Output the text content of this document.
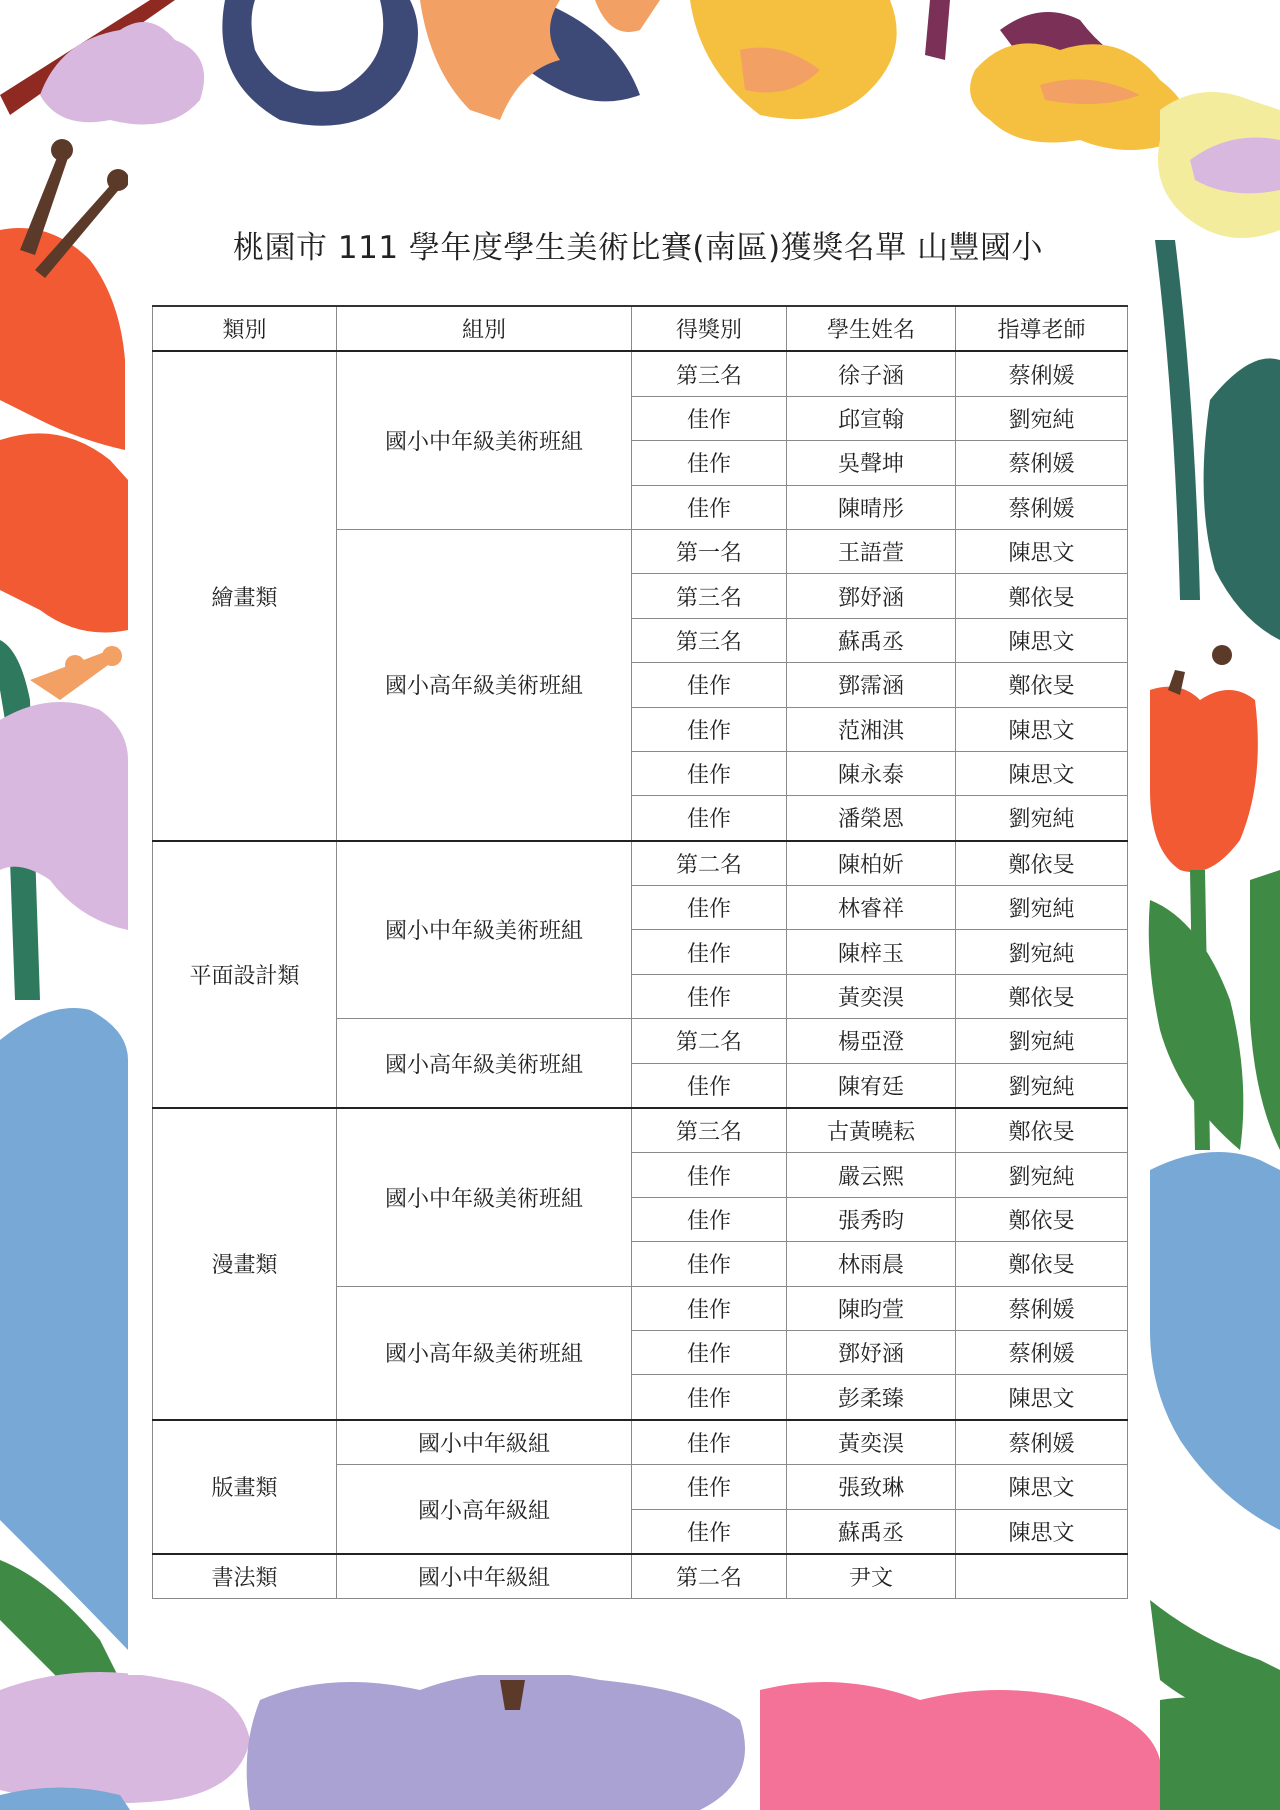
桃園市 111 學年度學生美術比賽(南區)獲獎名單 山豐國小
類別	組別	得獎別	學生姓名	指導老師
繪畫類	國小中年級美術班組	第三名	徐子涵	蔡俐媛
		佳作	邱宣翰	劉宛純
		佳作	吳聲坤	蔡俐媛
		佳作	陳晴彤	蔡俐媛
	國小高年級美術班組	第一名	王語萱	陳思文
		第三名	鄧妤涵	鄭依旻
		第三名	蘇禹丞	陳思文
		佳作	鄧霈涵	鄭依旻
		佳作	范湘淇	陳思文
		佳作	陳永泰	陳思文
		佳作	潘榮恩	劉宛純
平面設計類	國小中年級美術班組	第二名	陳柏妡	鄭依旻
		佳作	林睿祥	劉宛純
		佳作	陳梓玉	劉宛純
		佳作	黃奕淏	鄭依旻
	國小高年級美術班組	第二名	楊亞澄	劉宛純
		佳作	陳宥廷	劉宛純
漫畫類	國小中年級美術班組	第三名	古黃曉耘	鄭依旻
		佳作	嚴云熙	劉宛純
		佳作	張秀昀	鄭依旻
		佳作	林雨晨	鄭依旻
	國小高年級美術班組	佳作	陳昀萱	蔡俐媛
		佳作	鄧妤涵	蔡俐媛
		佳作	彭柔臻	陳思文
版畫類	國小中年級組	佳作	黃奕淏	蔡俐媛
	國小高年級組	佳作	張致琳	陳思文
		佳作	蘇禹丞	陳思文
書法類	國小中年級組	第二名	尹文	
